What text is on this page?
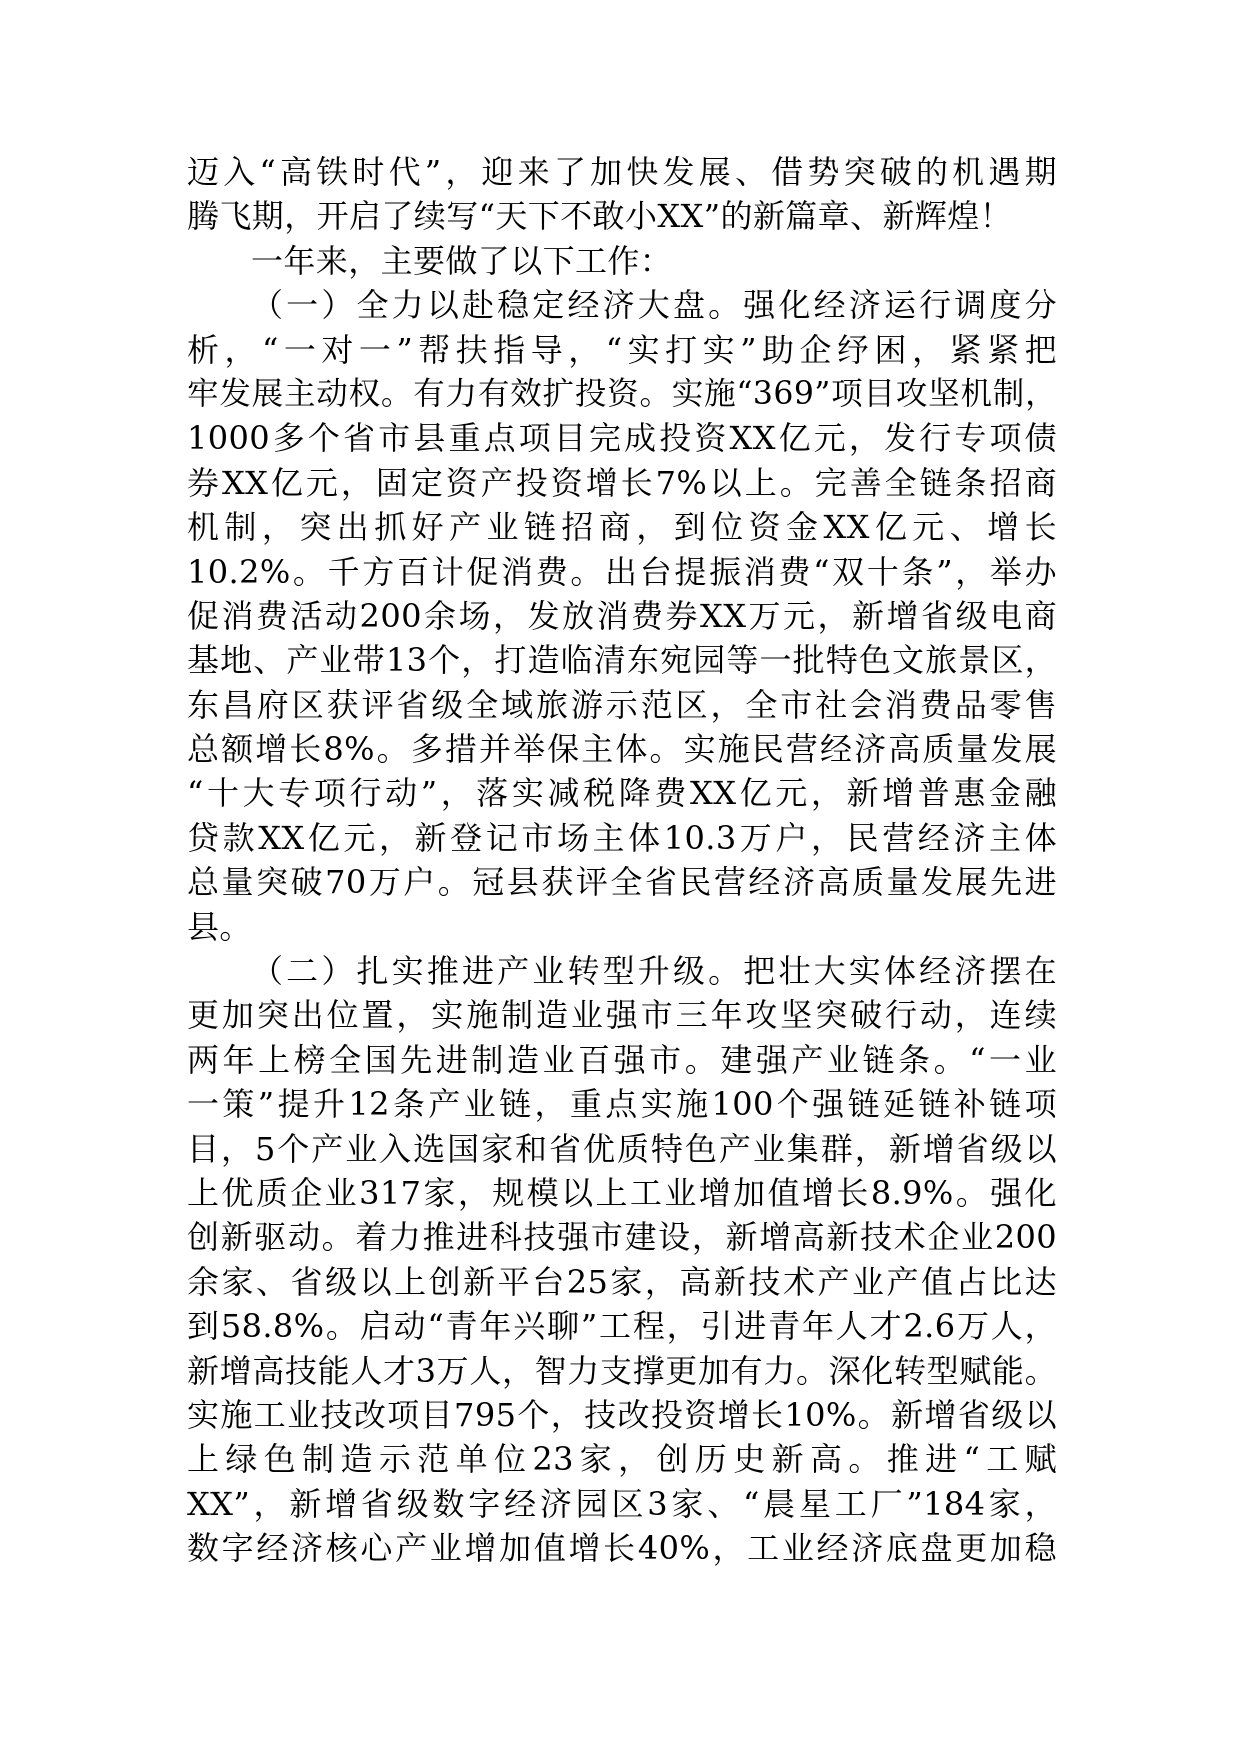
迈入“高铁时代”，迎来了加快发展、借势突破的机遇期
腾飞期，开启了续写“天下不敢小XX”的新篇章、新辉煌！
一年来，主要做了以下工作：
（一）全力以赴稳定经济大盘。强化经济运行调度分
析，“一对一”帮扶指导，“实打实”助企纾困，紧紧把
牢发展主动权。有力有效扩投资。实施“369”项目攻坚机制，
1000多个省市县重点项目完成投资XX亿元，发行专项债
券XX亿元，固定资产投资增长7%以上。完善全链条招商
机制，突出抓好产业链招商，到位资金XX亿元、增长
10.2%。千方百计促消费。出台提振消费“双十条”，举办
促消费活动200余场，发放消费券XX万元，新增省级电商
基地、产业带13个，打造临清东宛园等一批特色文旅景区，
东昌府区获评省级全域旅游示范区，全市社会消费品零售
总额增长8%。多措并举保主体。实施民营经济高质量发展
“十大专项行动”，落实减税降费XX亿元，新增普惠金融
贷款XX亿元，新登记市场主体10.3万户，民营经济主体
总量突破70万户。冠县获评全省民营经济高质量发展先进
县。
（二）扎实推进产业转型升级。把壮大实体经济摆在
更加突出位置，实施制造业强市三年攻坚突破行动，连续
两年上榜全国先进制造业百强市。建强产业链条。“一业
一策”提升12条产业链，重点实施100个强链延链补链项
目，5个产业入选国家和省优质特色产业集群，新增省级以
上优质企业317家，规模以上工业增加值增长8.9%。强化
创新驱动。着力推进科技强市建设，新增高新技术企业200
余家、省级以上创新平台25家，高新技术产业产值占比达
到58.8%。启动“青年兴聊”工程，引进青年人才2.6万人，
新增高技能人才3万人，智力支撑更加有力。深化转型赋能。
实施工业技改项目795个，技改投资增长10%。新增省级以
上绿色制造示范单位23家，创历史新高。推进“工赋
XX”，新增省级数字经济园区3家、“晨星工厂”184家，
数字经济核心产业增加值增长40%，工业经济底盘更加稳
